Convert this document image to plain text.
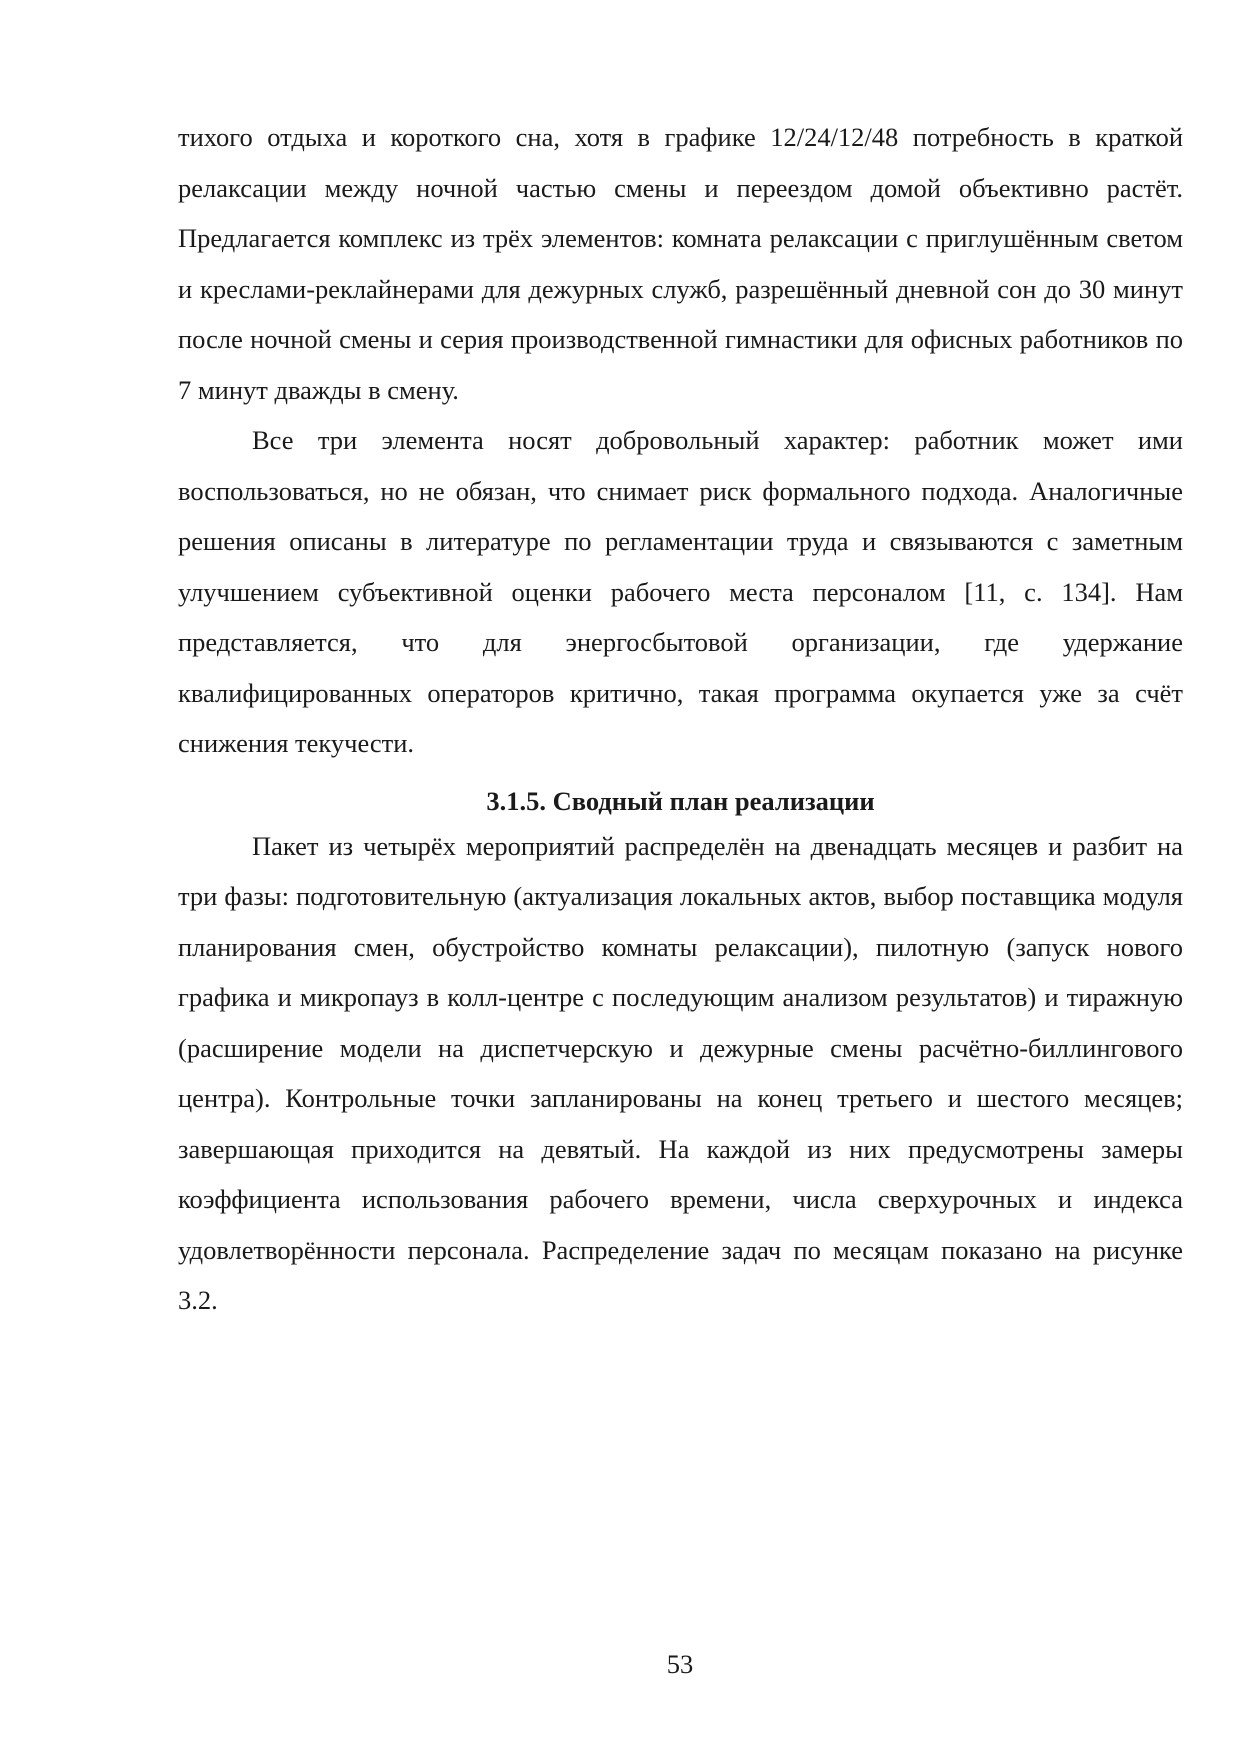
тихого отдыха и короткого сна, хотя в графике 12/24/12/48 потребность в краткой релаксации между ночной частью смены и переездом домой объективно растёт. Предлагается комплекс из трёх элементов: комната релаксации с приглушённым светом и креслами-реклайнерами для дежурных служб, разрешённый дневной сон до 30 минут после ночной смены и серия производственной гимнастики для офисных работников по 7 минут дважды в смену.

Все три элемента носят добровольный характер: работник может ими воспользоваться, но не обязан, что снимает риск формального подхода. Аналогичные решения описаны в литературе по регламентации труда и связываются с заметным улучшением субъективной оценки рабочего места персоналом [11, с. 134]. Нам представляется, что для энергосбытовой организации, где удержание квалифицированных операторов критично, такая программа окупается уже за счёт снижения текучести.

3.1.5. Сводный план реализации

Пакет из четырёх мероприятий распределён на двенадцать месяцев и разбит на три фазы: подготовительную (актуализация локальных актов, выбор поставщика модуля планирования смен, обустройство комнаты релаксации), пилотную (запуск нового графика и микропауз в колл-центре с последующим анализом результатов) и тиражную (расширение модели на диспетчерскую и дежурные смены расчётно-биллингового центра). Контрольные точки запланированы на конец третьего и шестого месяцев; завершающая приходится на девятый. На каждой из них предусмотрены замеры коэффициента использования рабочего времени, числа сверхурочных и индекса удовлетворённости персонала. Распределение задач по месяцам показано на рисунке 3.2.

53
